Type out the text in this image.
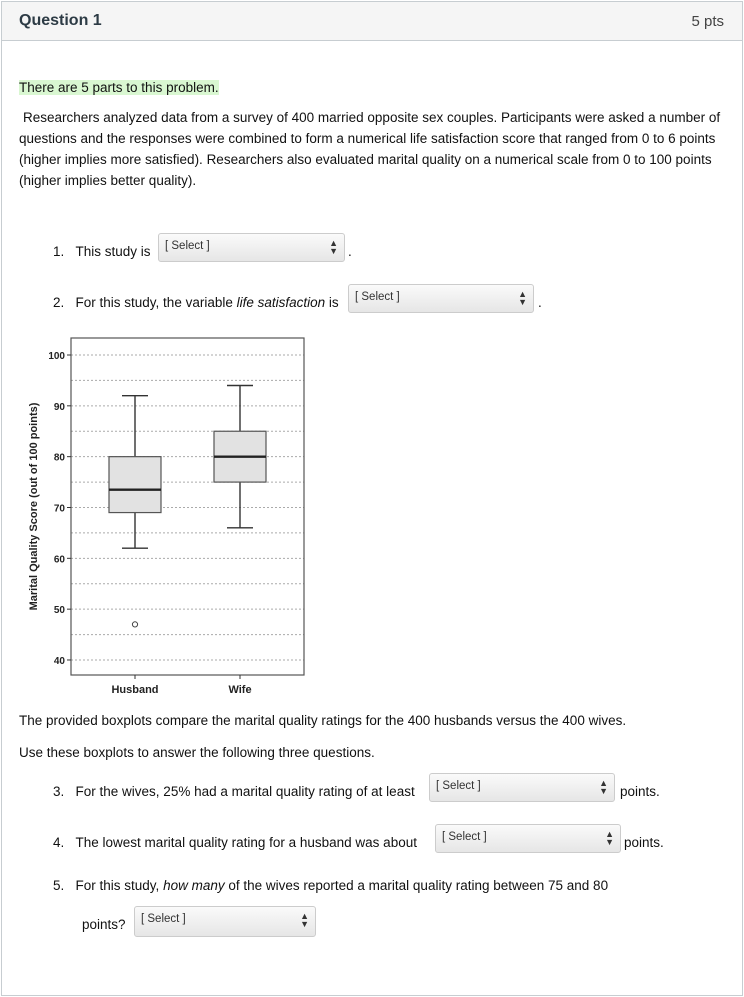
Question 1	5 pts
There are 5 parts to this problem.
Researchers analyzed data from a survey of 400 married opposite sex couples. Participants were asked a number of questions and the responses were combined to form a numerical life satisfaction score that ranged from 0 to 6 points (higher implies more satisfied). Researchers also evaluated marital quality on a numerical scale from 0 to 100 points (higher implies better quality).
1. This study is	[ Select ]	▲
▼ .
2. For this study, the variable life satisfaction is	[ Select ]	▲
▼ .
40
50
60
70
80
90
100
Marital Quality Score (out of 100 points)
Husband	Wife
The provided boxplots compare the marital quality ratings for the 400 husbands versus the 400 wives.
Use these boxplots to answer the following three questions.
3. For the wives, 25% had a marital quality rating of at least	[ Select ]	▲
▼ points.
4. The lowest marital quality rating for a husband was about	[ Select ]	▲
▼ points.
5. For this study, how many of the wives reported a marital quality rating between 75 and 80
points?	[ Select ]	▲
▼
